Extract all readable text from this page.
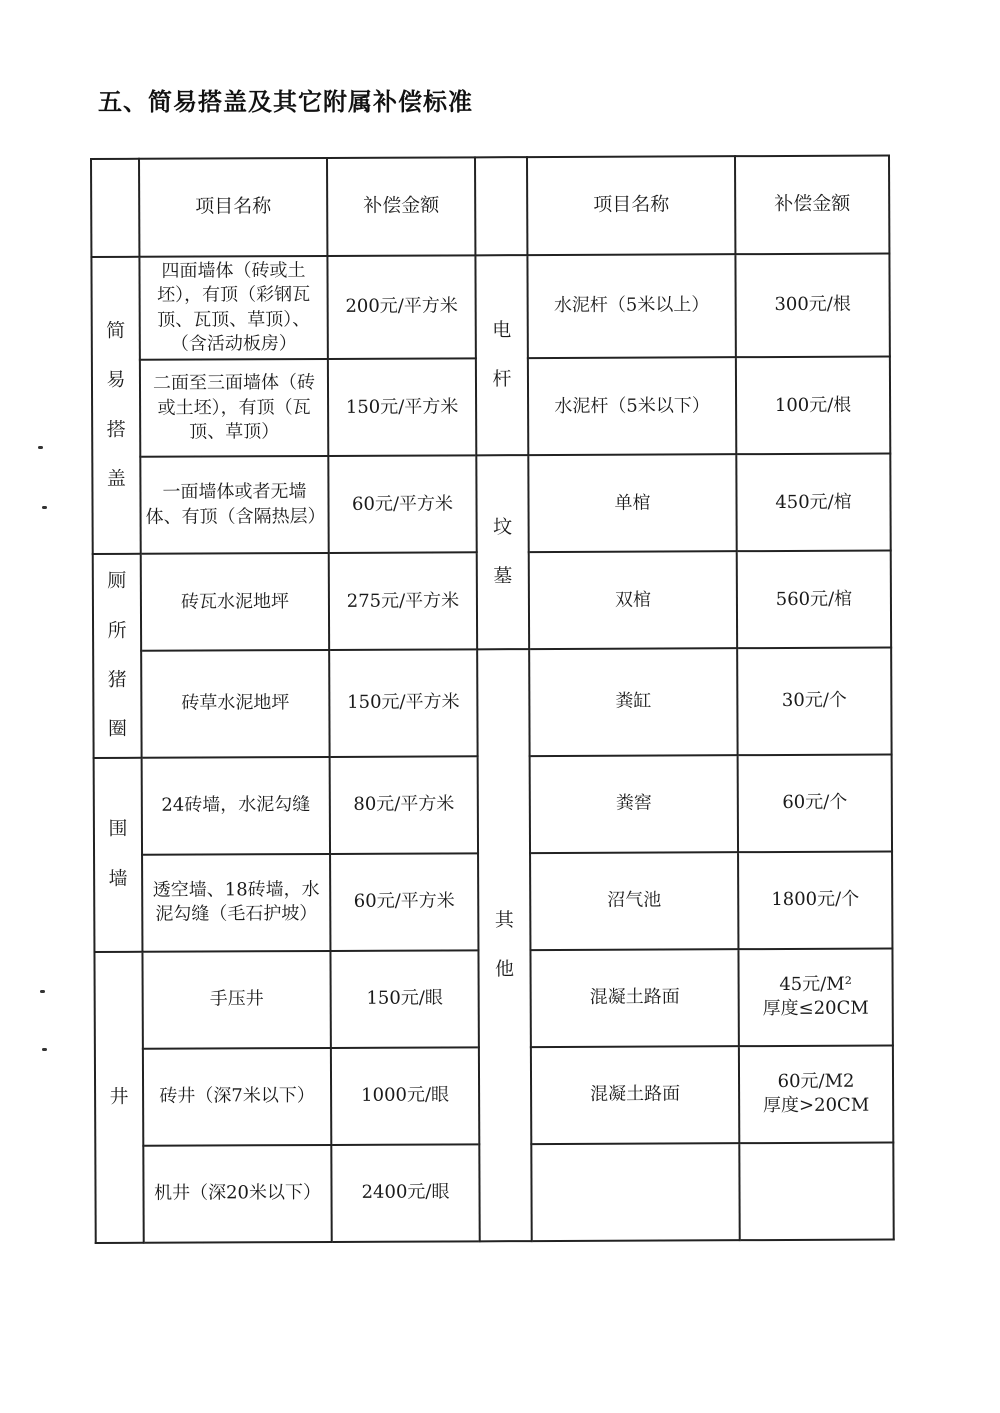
五、简易搭盖及其它附属补偿标准
	项目名称	补偿金额		项目名称	补偿金额
简易搭盖	四面墙体（砖或土坯），有顶（彩钢瓦顶、瓦顶、草顶）、（含活动板房）	200元/平方米	电杆	水泥杆（5米以上）	300元/根
	二面至三面墙体（砖或土坯），有顶（瓦顶、草顶）	150元/平方米		水泥杆（5米以下）	100元/根
	一面墙体或者无墙体、有顶（含隔热层）	60元/平方米	坟墓	单棺	450元/棺
厕所猪圈	砖瓦水泥地坪	275元/平方米		双棺	560元/棺
	砖草水泥地坪	150元/平方米	其他	粪缸	30元/个
围墙	24砖墙，水泥勾缝	80元/平方米		粪窖	60元/个
	透空墙、18砖墙，水泥勾缝（毛石护坡）	60元/平方米		沼气池	1800元/个
井	手压井	150元/眼		混凝土路面	45元/M²
厚度≤20CM

	砖井（深7米以下）	1000元/眼		混凝土路面	60元/M2
厚度>20CM

	机井（深20米以下）	2400元/眼			
